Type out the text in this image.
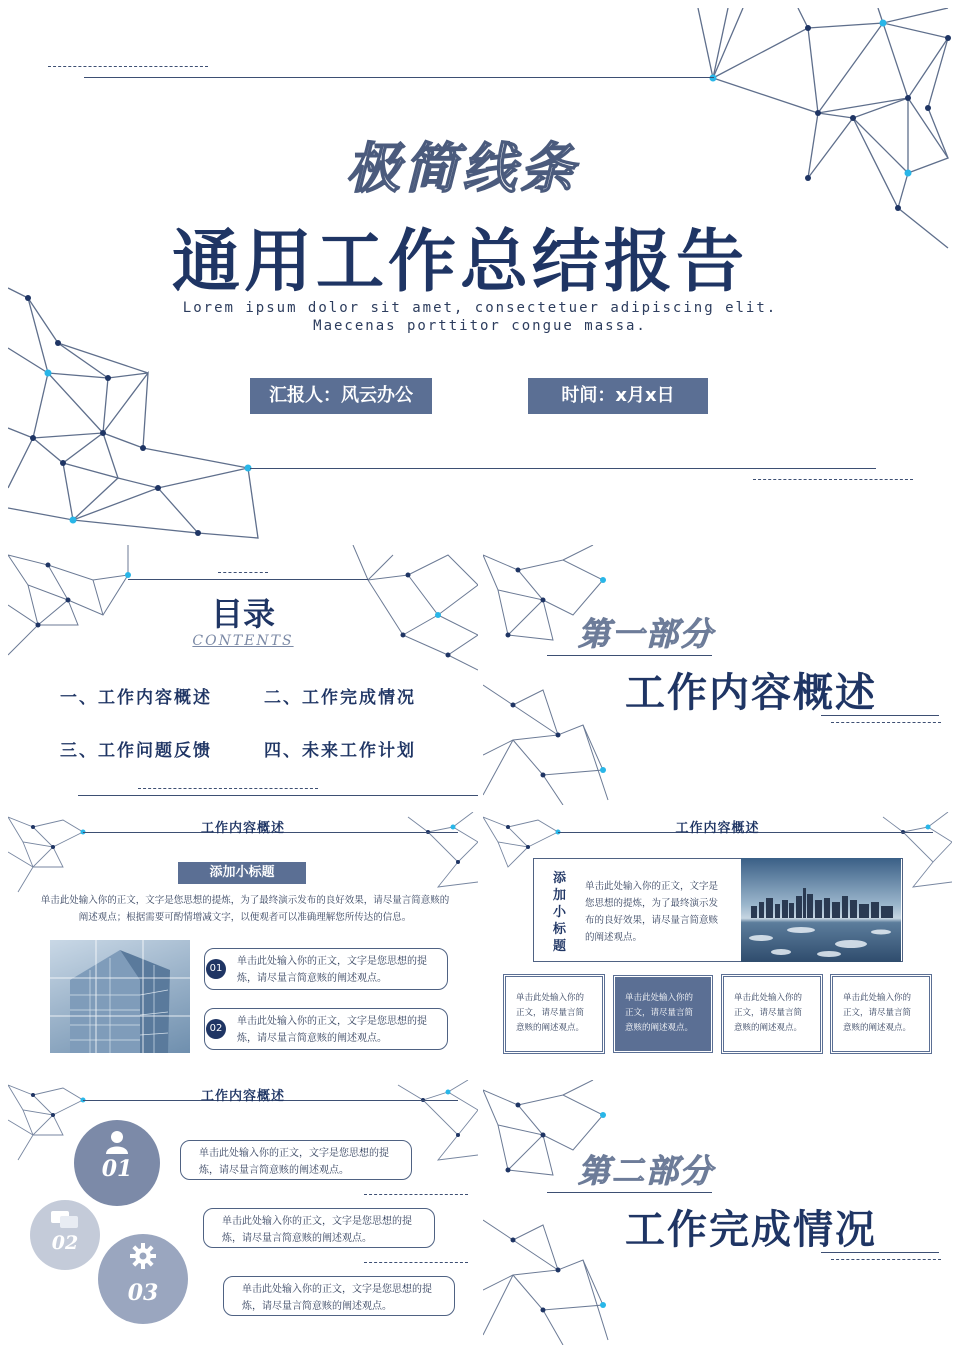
极简线条
通用工作总结报告
Lorem ipsum dolor sit amet, consectetuer adipiscing elit.
Maecenas porttitor congue massa.
汇报人：风云办公	时间：x月x日
目录
CONTENTS
一、工作内容概述	二、工作完成情况
三、工作问题反馈	四、未来工作计划
第一部分
工作内容概述
工作内容概述
添加小标题
单击此处输入你的正文，文字是您思想的提炼，为了最终演示发布的良好效果，请尽量言简意赅的阐述观点；根据需要可酌情增减文字，以便观者可以准确理解您所传达的信息。
单击此处输入你的正文，文字是您思想的提炼，请尽量言简意赅的阐述观点。
01
单击此处输入你的正文，文字是您思想的提炼，请尽量言简意赅的阐述观点。
02
工作内容概述
添加小标题
单击此处输入你的正文，文字是您思想的提炼，为了最终演示发布的良好效果，请尽量言简意赅的阐述观点。
单击此处输入你的正文，请尽量言简意赅的阐述观点。
单击此处输入你的正文，请尽量言简意赅的阐述观点。
单击此处输入你的正文，请尽量言简意赅的阐述观点。
单击此处输入你的正文，请尽量言简意赅的阐述观点。
工作内容概述
01
02
03
单击此处输入你的正文，文字是您思想的提炼，请尽量言简意赅的阐述观点。
单击此处输入你的正文，文字是您思想的提炼，请尽量言简意赅的阐述观点。
单击此处输入你的正文，文字是您思想的提炼，请尽量言简意赅的阐述观点。
第二部分
工作完成情况
